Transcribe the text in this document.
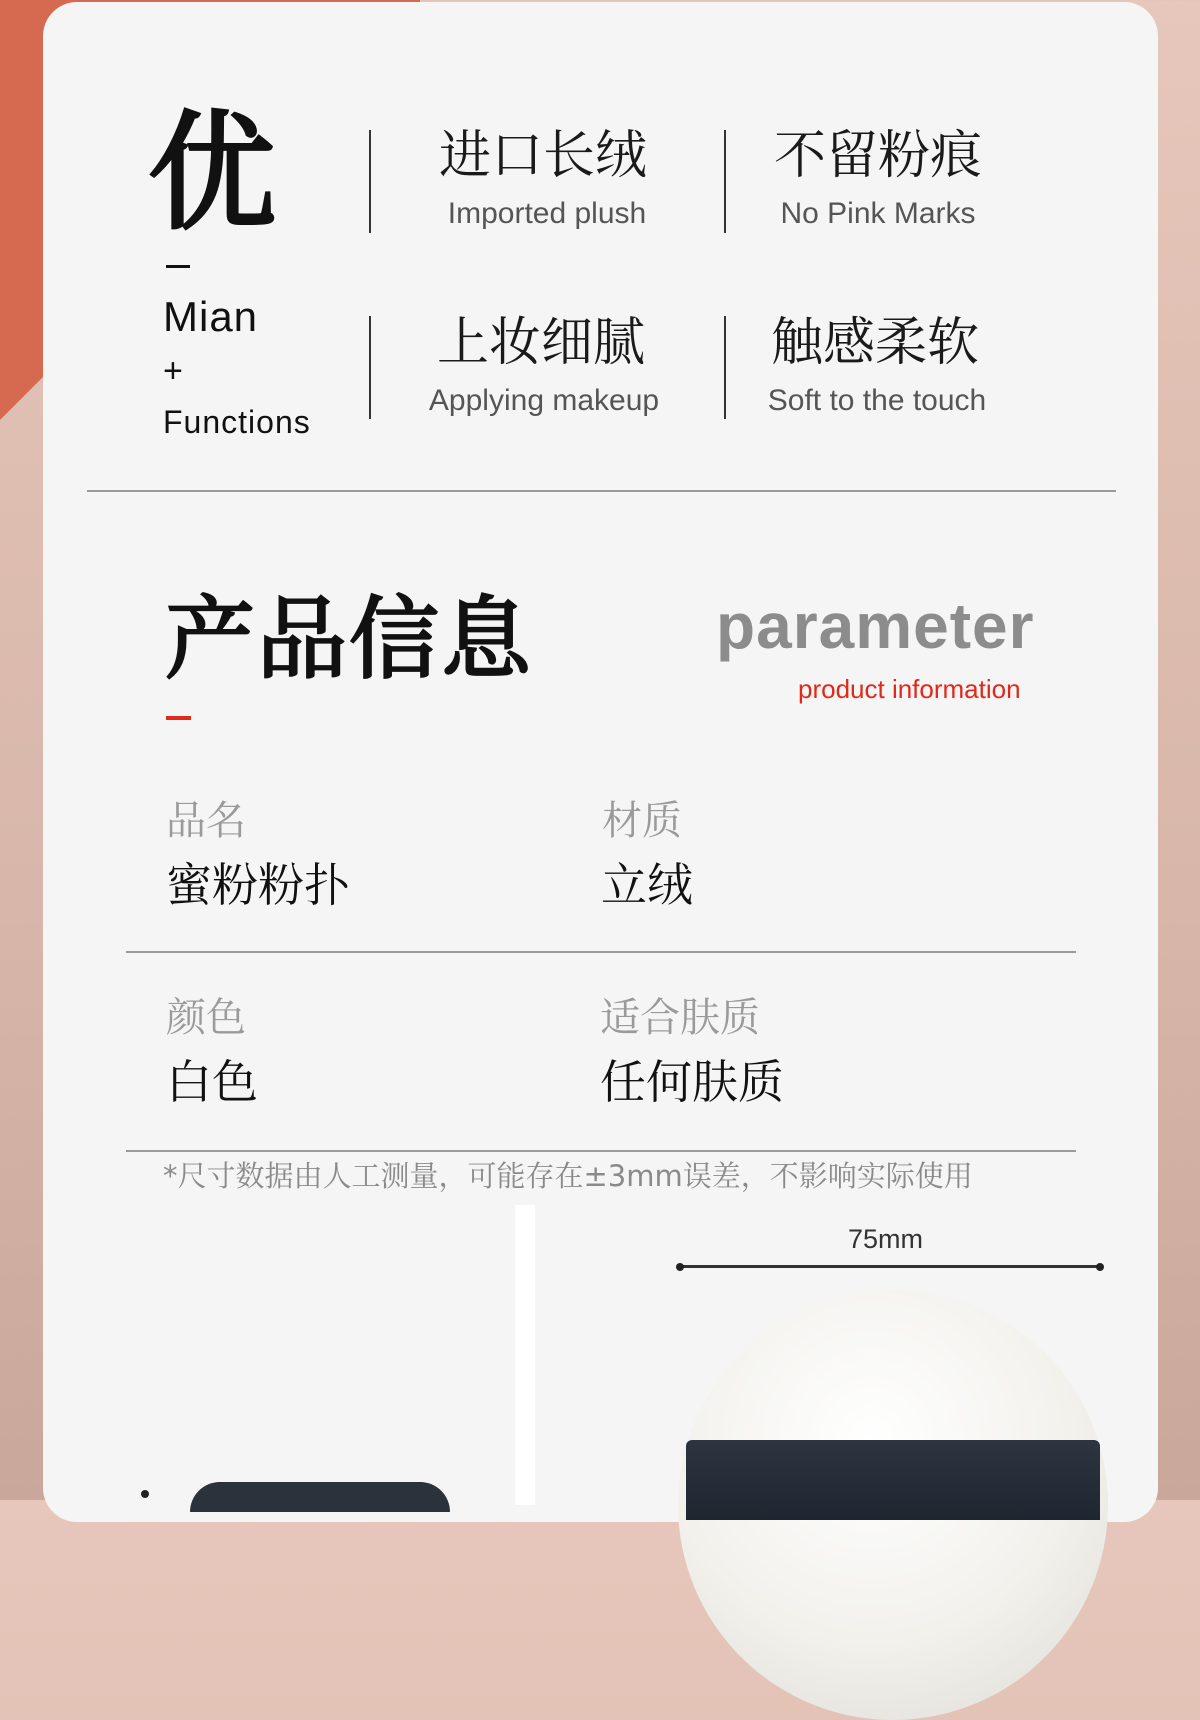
优
Mian
+
Functions
进口长绒
Imported plush
不留粉痕
No Pink Marks
上妆细腻
Applying makeup
触感柔软
Soft to the touch
产品信息	parameter
product information
品名
蜜粉粉扑
材质
立绒
颜色
白色
适合肤质
任何肤质
*尺寸数据由人工测量，可能存在±3mm误差，不影响实际使用
75mm
